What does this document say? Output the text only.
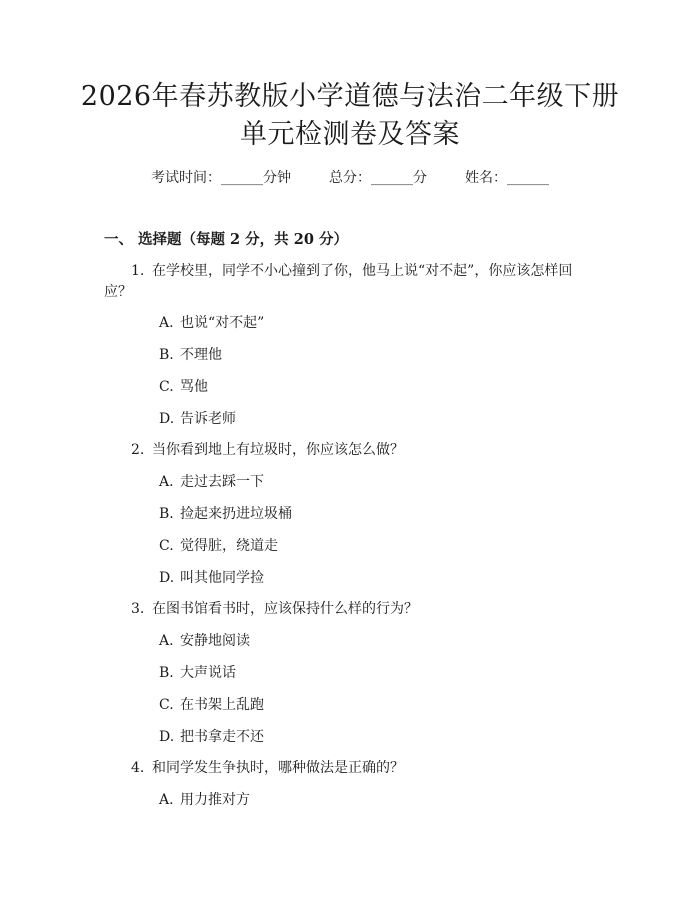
2026年春苏教版小学道德与法治二年级下册
单元检测卷及答案
考试时间：______分钟	总分：______分	姓名：______
一、 选择题（每题 2 分，共 20 分）
1. 在学校里，同学不小心撞到了你，他马上说“对不起”，你应该怎样回
应？
A. 也说“对不起”
B. 不理他
C. 骂他
D. 告诉老师
2. 当你看到地上有垃圾时，你应该怎么做？
A. 走过去踩一下
B. 捡起来扔进垃圾桶
C. 觉得脏，绕道走
D. 叫其他同学捡
3. 在图书馆看书时，应该保持什么样的行为？
A. 安静地阅读
B. 大声说话
C. 在书架上乱跑
D. 把书拿走不还
4. 和同学发生争执时，哪种做法是正确的？
A. 用力推对方
